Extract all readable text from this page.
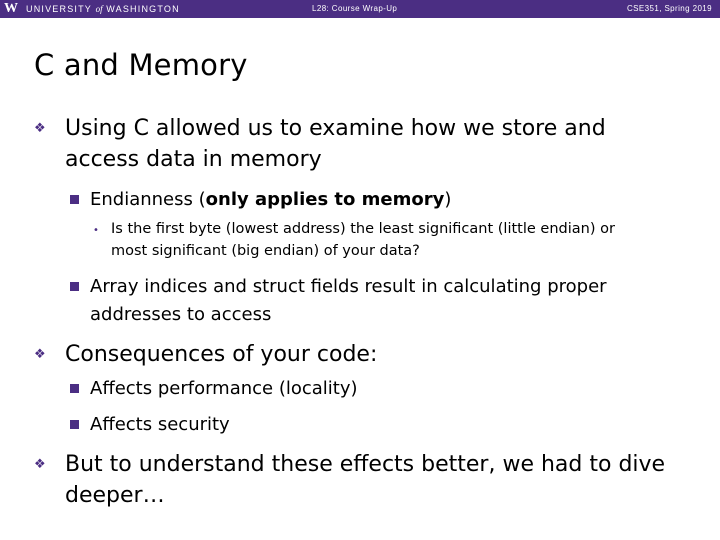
W UNIVERSITY of WASHINGTON	L28: Course Wrap-Up	CSE351, Spring 2019
C and Memory
❖ Using C allowed us to examine how we store and
access data in memory
Endianness (only applies to memory)
• Is the first byte (lowest address) the least significant (little endian) or
most significant (big endian) of your data?
Array indices and struct fields result in calculating proper
addresses to access
❖ Consequences of your code:
Affects performance (locality)
Affects security
❖ But to understand these effects better, we had to dive
deeper…
